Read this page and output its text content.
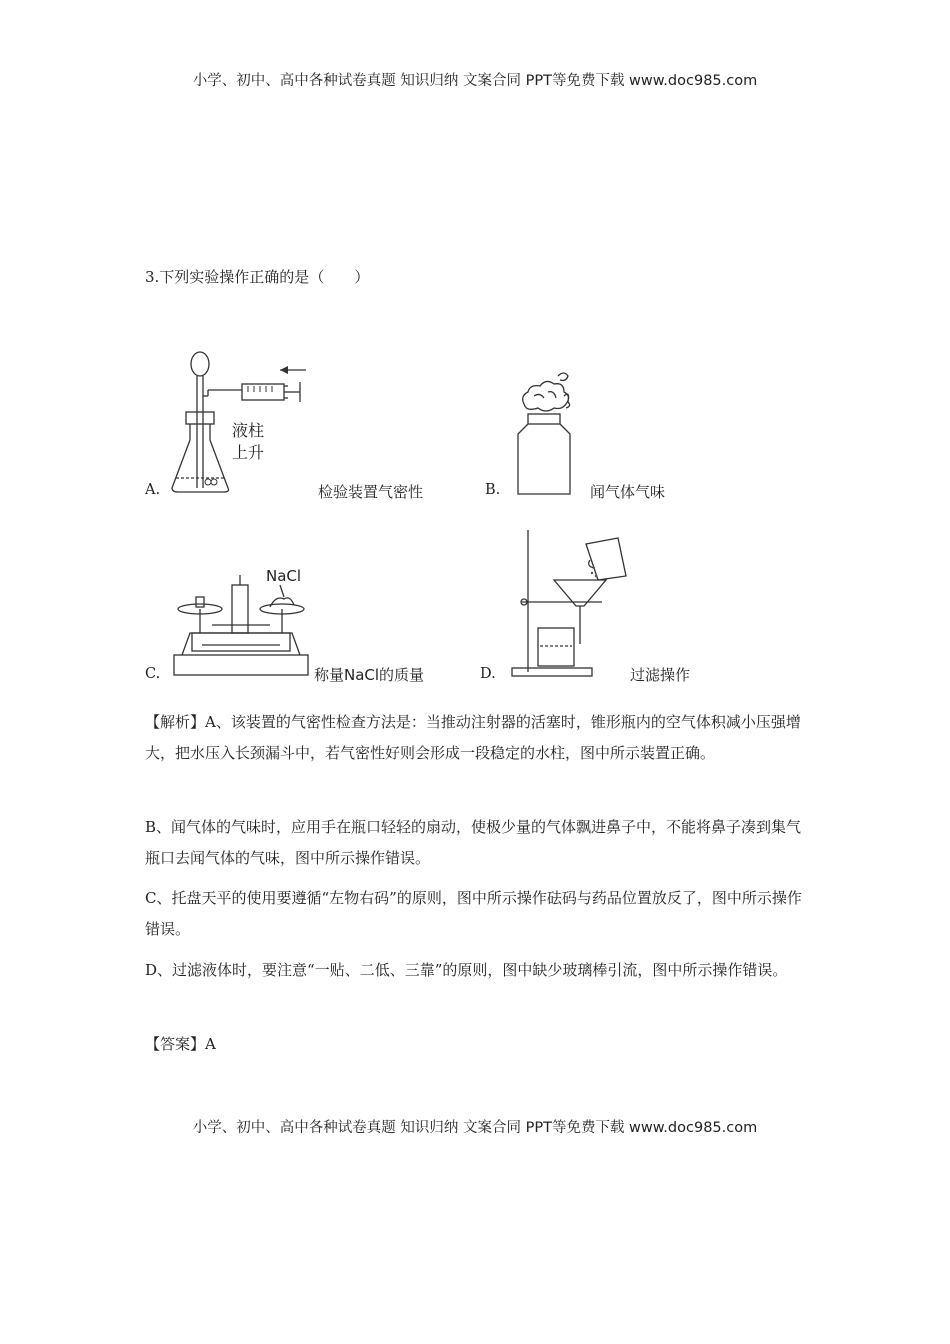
小学、初中、高中各种试卷真题 知识归纳 文案合同 PPT等免费下载 www.doc985.com
3.下列实验操作正确的是（　　）
液柱上升
A.	检验装置气密性	B.	闻气体气味
NaCl
C.	称量NaCl的质量	D.	过滤操作

【解析】A、该装置的气密性检查方法是：当推动注射器的活塞时，锥形瓶内的空气体积减小压强增大，把水压入长颈漏斗中，若气密性好则会形成一段稳定的水柱，图中所示装置正确。

B、闻气体的气味时，应用手在瓶口轻轻的扇动，使极少量的气体飘进鼻子中，不能将鼻子凑到集气瓶口去闻气体的气味，图中所示操作错误。

C、托盘天平的使用要遵循“左物右码”的原则，图中所示操作砝码与药品位置放反了，图中所示操作错误。

D、过滤液体时，要注意“一贴、二低、三靠”的原则，图中缺少玻璃棒引流，图中所示操作错误。

【答案】A
小学、初中、高中各种试卷真题 知识归纳 文案合同 PPT等免费下载 www.doc985.com
